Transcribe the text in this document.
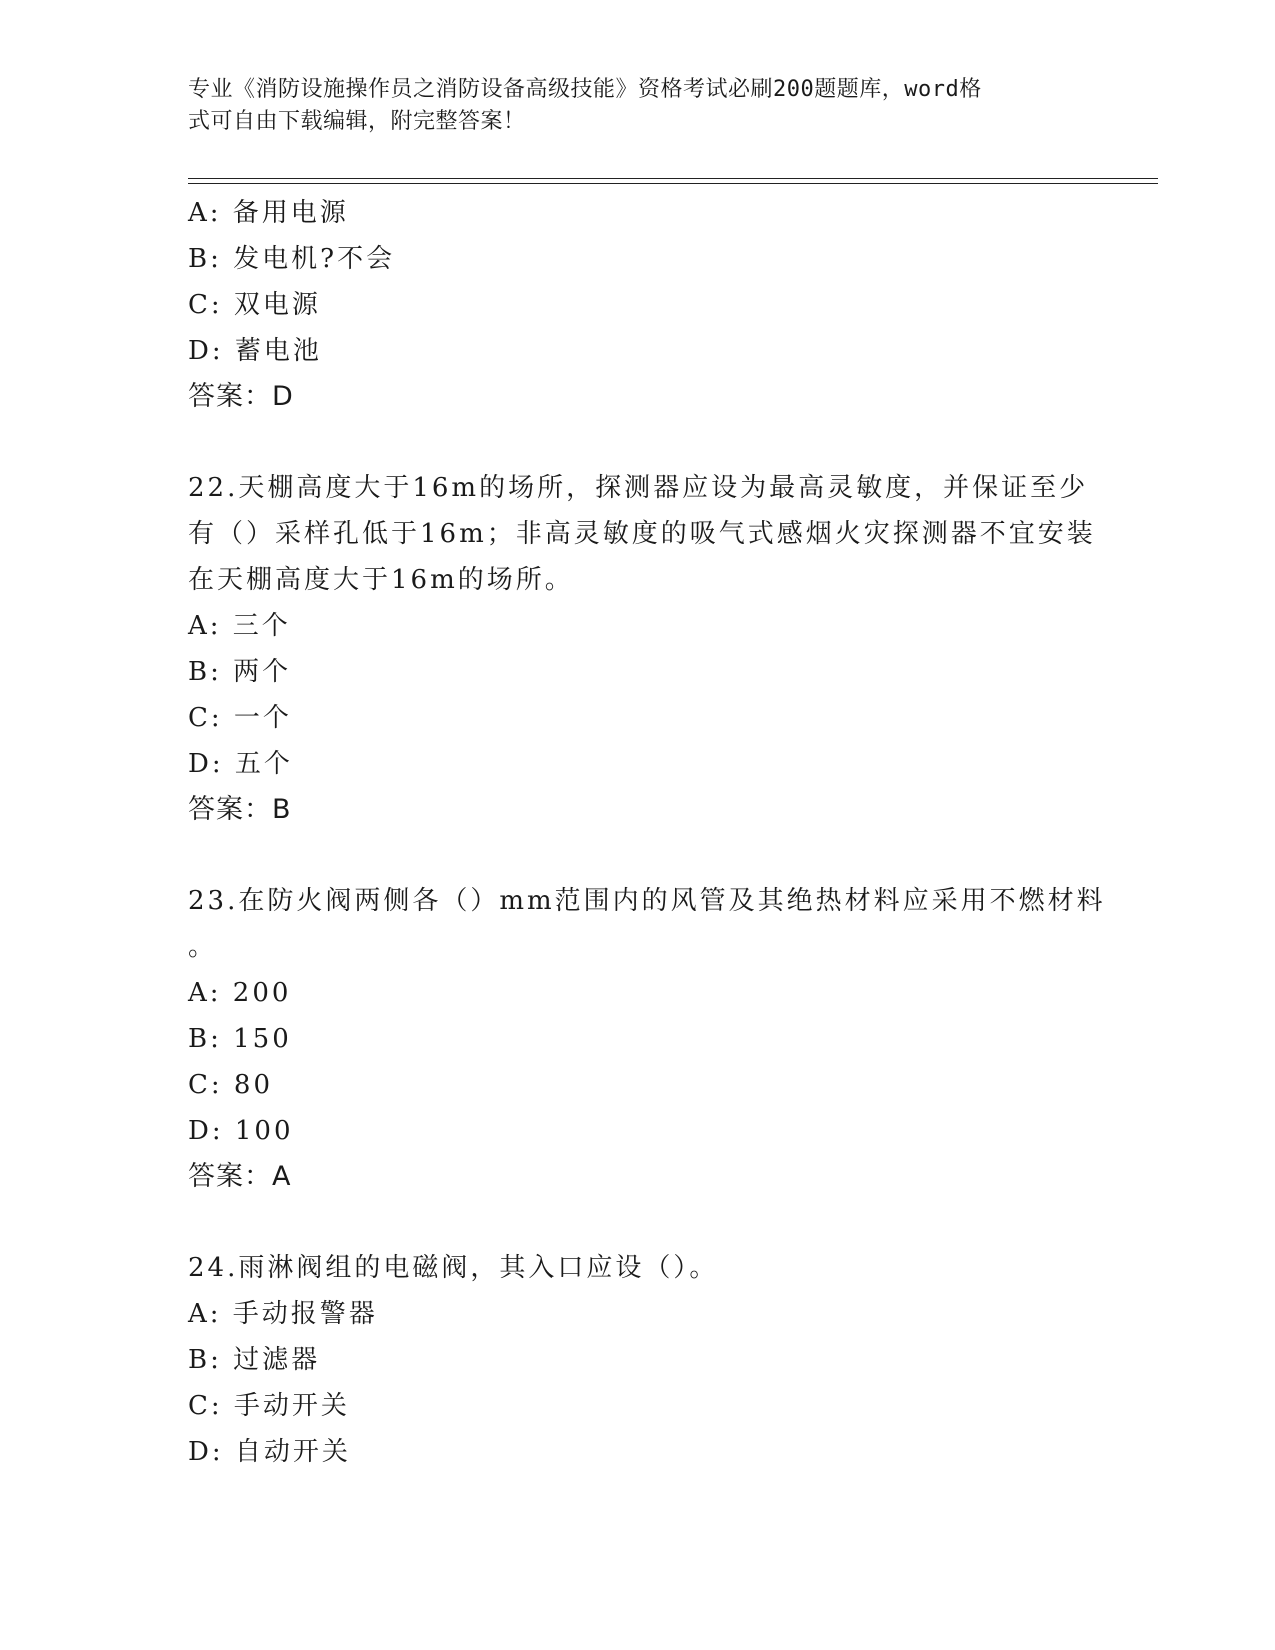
专业《消防设施操作员之消防设备高级技能》资格考试必刷200题题库，word格
式可自由下载编辑，附完整答案！
A: 备用电源
B: 发电机?不会
C: 双电源
D: 蓄电池
答案：D
22.天棚高度大于16m的场所，探测器应设为最高灵敏度，并保证至少
有（）采样孔低于16m；非高灵敏度的吸气式感烟火灾探测器不宜安装
在天棚高度大于16m的场所。
A: 三个
B: 两个
C: 一个
D: 五个
答案：B
23.在防火阀两侧各（）mm范围内的风管及其绝热材料应采用不燃材料
。
A: 200
B: 150
C: 80
D: 100
答案：A
24.雨淋阀组的电磁阀，其入口应设（）。
A: 手动报警器
B: 过滤器
C: 手动开关
D: 自动开关
